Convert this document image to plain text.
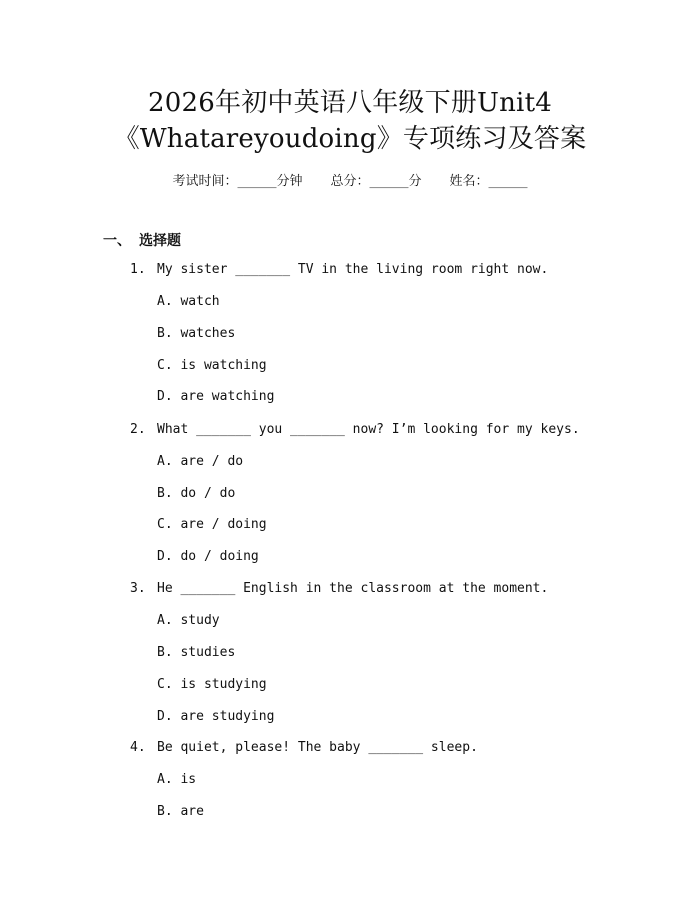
2026年初中英语八年级下册Unit4
《Whatareyoudoing》专项练习及答案
考试时间：______分钟 总分：______分 姓名：______
一、 选择题
1. My sister _______ TV in the living room right now.
A. watch
B. watches
C. is watching
D. are watching
2. What _______ you _______ now? I’m looking for my keys.
A. are / do
B. do / do
C. are / doing
D. do / doing
3. He _______ English in the classroom at the moment.
A. study
B. studies
C. is studying
D. are studying
4. Be quiet, please! The baby _______ sleep.
A. is
B. are
